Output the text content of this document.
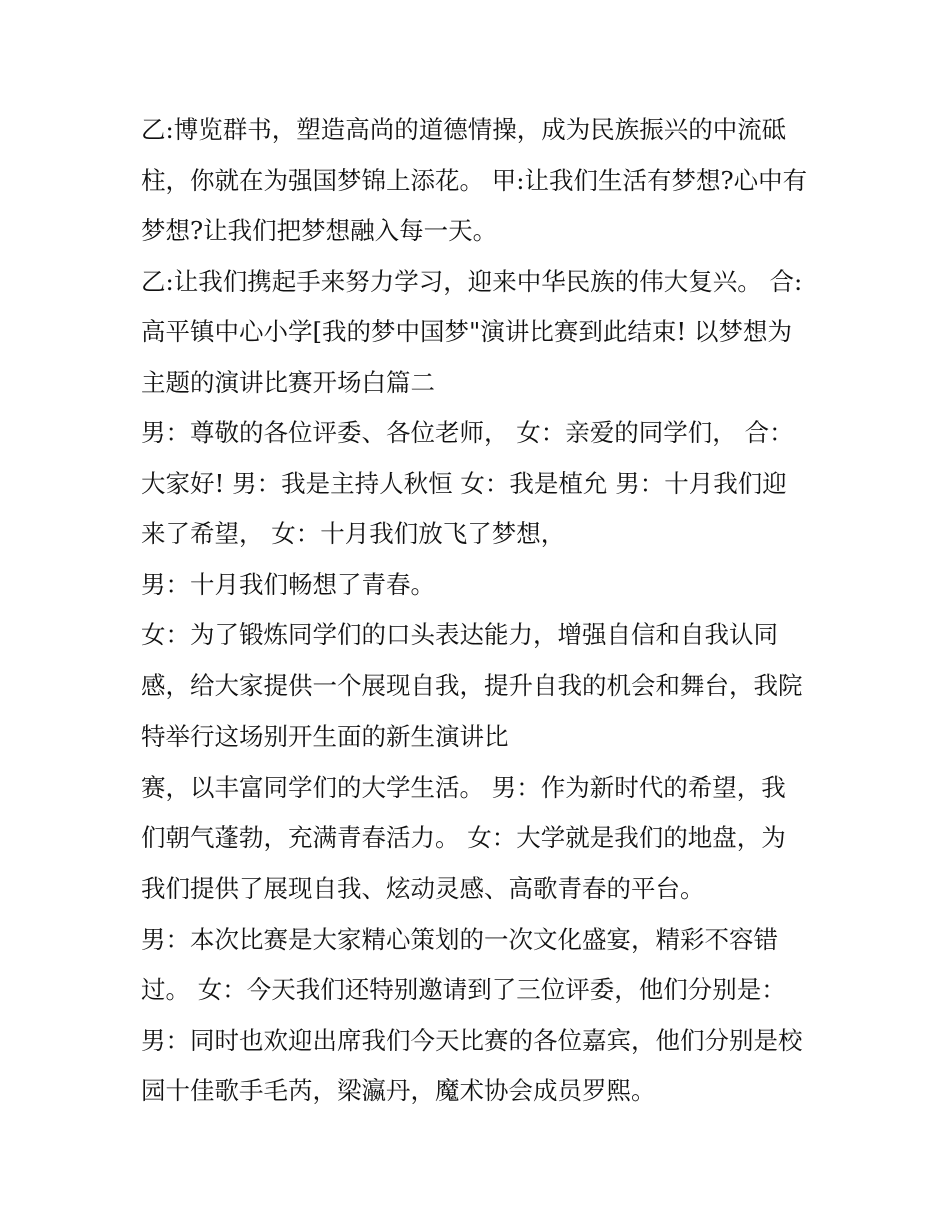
乙:博览群书，塑造高尚的道德情操，成为民族振兴的中流砥
柱，你就在为强国梦锦上添花。 甲:让我们生活有梦想?心中有
梦想?让我们把梦想融入每一天。
乙:让我们携起手来努力学习，迎来中华民族的伟大复兴。 合:
高平镇中心小学[我的梦中国梦"演讲比赛到此结束! 以梦想为
主题的演讲比赛开场白篇二
男：尊敬的各位评委、各位老师， 女：亲爱的同学们， 合：
大家好! 男：我是主持人秋恒 女：我是植允 男：十月我们迎
来了希望， 女：十月我们放飞了梦想，
男：十月我们畅想了青春。
女：为了锻炼同学们的口头表达能力，增强自信和自我认同
感，给大家提供一个展现自我，提升自我的机会和舞台，我院
特举行这场别开生面的新生演讲比
赛，以丰富同学们的大学生活。 男：作为新时代的希望，我
们朝气蓬勃，充满青春活力。 女：大学就是我们的地盘，为
我们提供了展现自我、炫动灵感、高歌青春的平台。
男：本次比赛是大家精心策划的一次文化盛宴，精彩不容错
过。 女：今天我们还特别邀请到了三位评委，他们分别是：
男：同时也欢迎出席我们今天比赛的各位嘉宾，他们分别是校
园十佳歌手毛芮，梁瀛丹，魔术协会成员罗熙。
